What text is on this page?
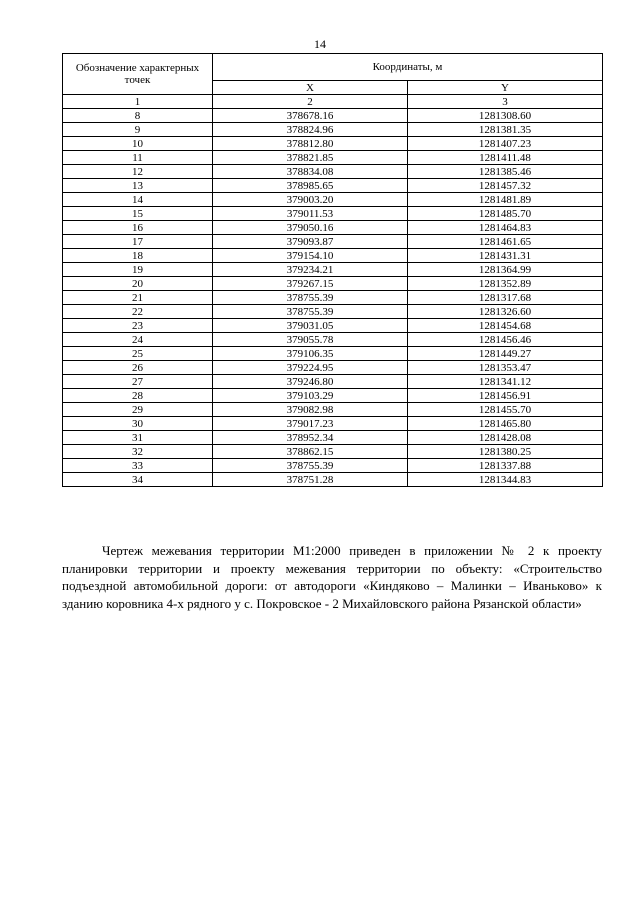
14
Обозначение характерных точек	Координаты, м	
	X	Y
1	2	3
8	378678.16	1281308.60
9	378824.96	1281381.35
10	378812.80	1281407.23
11	378821.85	1281411.48
12	378834.08	1281385.46
13	378985.65	1281457.32
14	379003.20	1281481.89
15	379011.53	1281485.70
16	379050.16	1281464.83
17	379093.87	1281461.65
18	379154.10	1281431.31
19	379234.21	1281364.99
20	379267.15	1281352.89
21	378755.39	1281317.68
22	378755.39	1281326.60
23	379031.05	1281454.68
24	379055.78	1281456.46
25	379106.35	1281449.27
26	379224.95	1281353.47
27	379246.80	1281341.12
28	379103.29	1281456.91
29	379082.98	1281455.70
30	379017.23	1281465.80
31	378952.34	1281428.08
32	378862.15	1281380.25
33	378755.39	1281337.88
34	378751.28	1281344.83

Чертеж межевания территории М1:2000 приведен в приложении № 2 к проекту планировки территории и проекту межевания территории по объекту: «Строительство подъездной автомобильной дороги: от автодороги «Киндяково – Малинки – Иваньково» к зданию коровника 4-х рядного у с. Покровское - 2 Михайловского района Рязанской области»
